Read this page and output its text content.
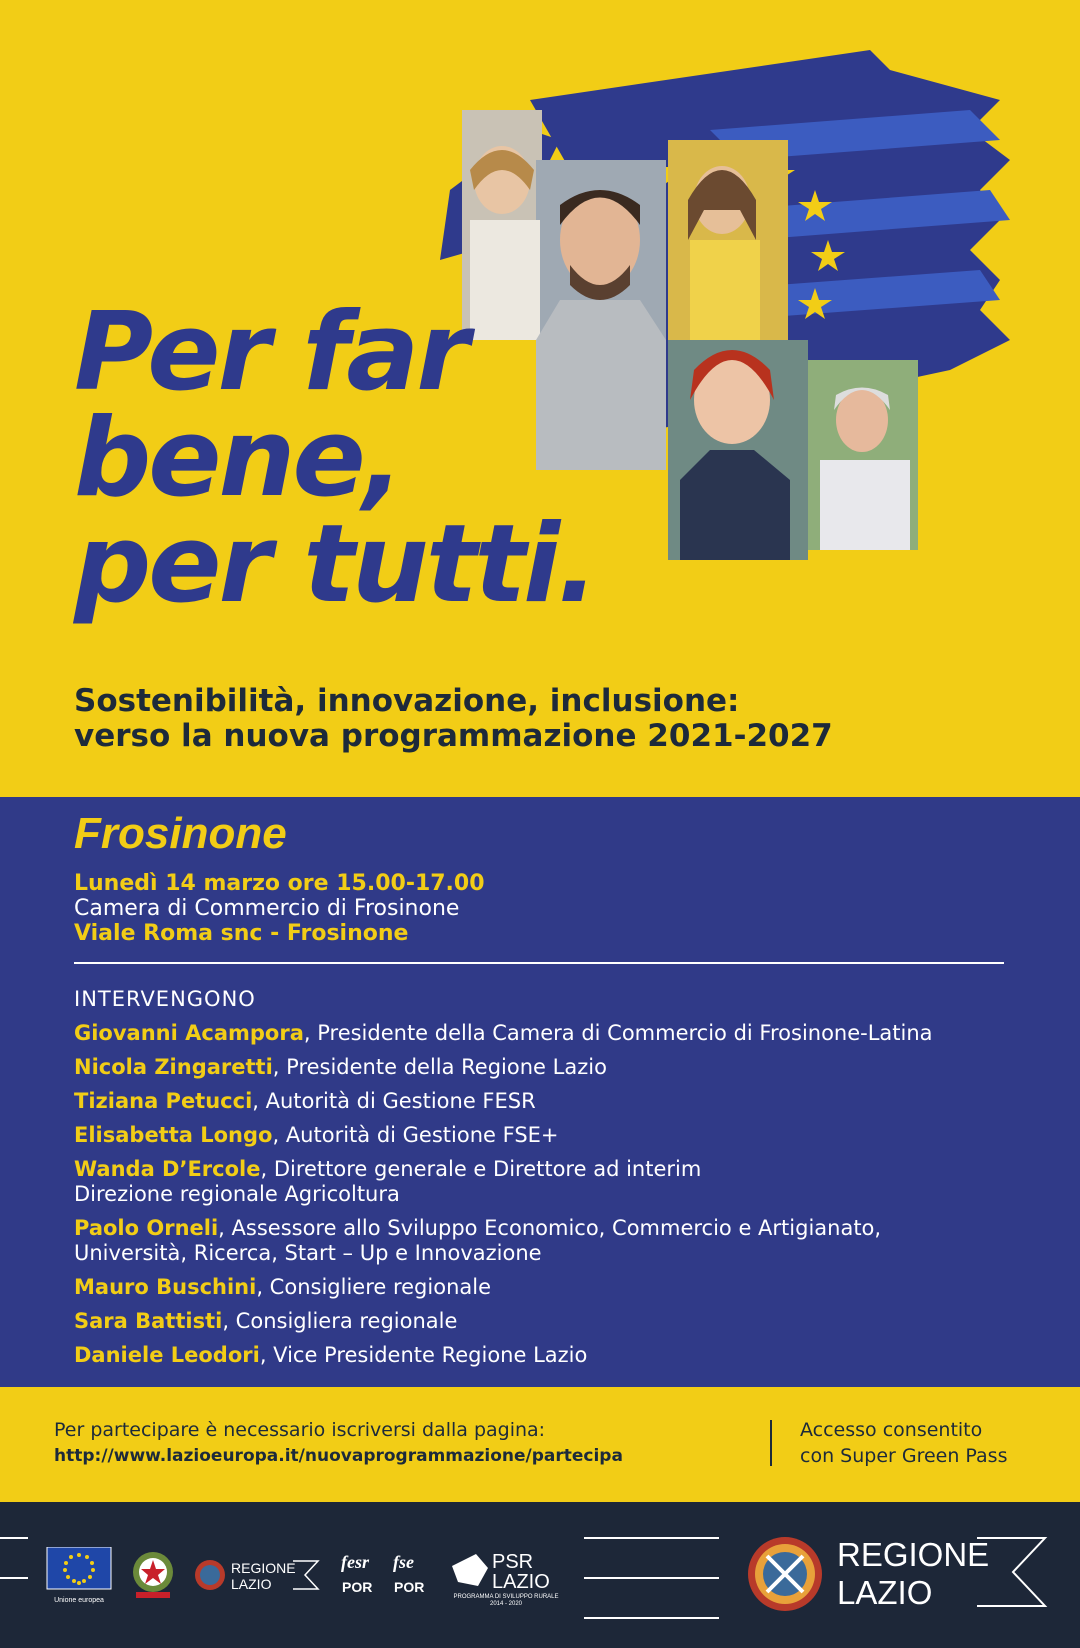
Per far
bene,
per tutti.
Sostenibilità, innovazione, inclusione:
verso la nuova programmazione 2021-2027
Frosinone
Lunedì 14 marzo ore 15.00-17.00
Camera di Commercio di Frosinone
Viale Roma snc - Frosinone
INTERVENGONO
Giovanni Acampora, Presidente della Camera di Commercio di Frosinone-Latina
Nicola Zingaretti, Presidente della Regione Lazio
Tiziana Petucci, Autorità di Gestione FESR
Elisabetta Longo, Autorità di Gestione FSE+
Wanda D’Ercole, Direttore generale e Direttore ad interim
Direzione regionale Agricoltura
Paolo Orneli, Assessore allo Sviluppo Economico, Commercio e Artigianato,
Università, Ricerca, Start – Up e Innovazione
Mauro Buschini, Consigliere regionale
Sara Battisti, Consigliera regionale
Daniele Leodori, Vice Presidente Regione Lazio
Per partecipare è necessario iscriversi dalla pagina:
http://www.lazioeuropa.it/nuovaprogrammazione/partecipa
Accesso consentito
con Super Green Pass
Unione europea
REGIONE
LAZIO
fesr
POR
fse
POR
PSR
LAZIO
PROGRAMMA DI SVILUPPO RURALE
2014 - 2020
REGIONE
LAZIO
